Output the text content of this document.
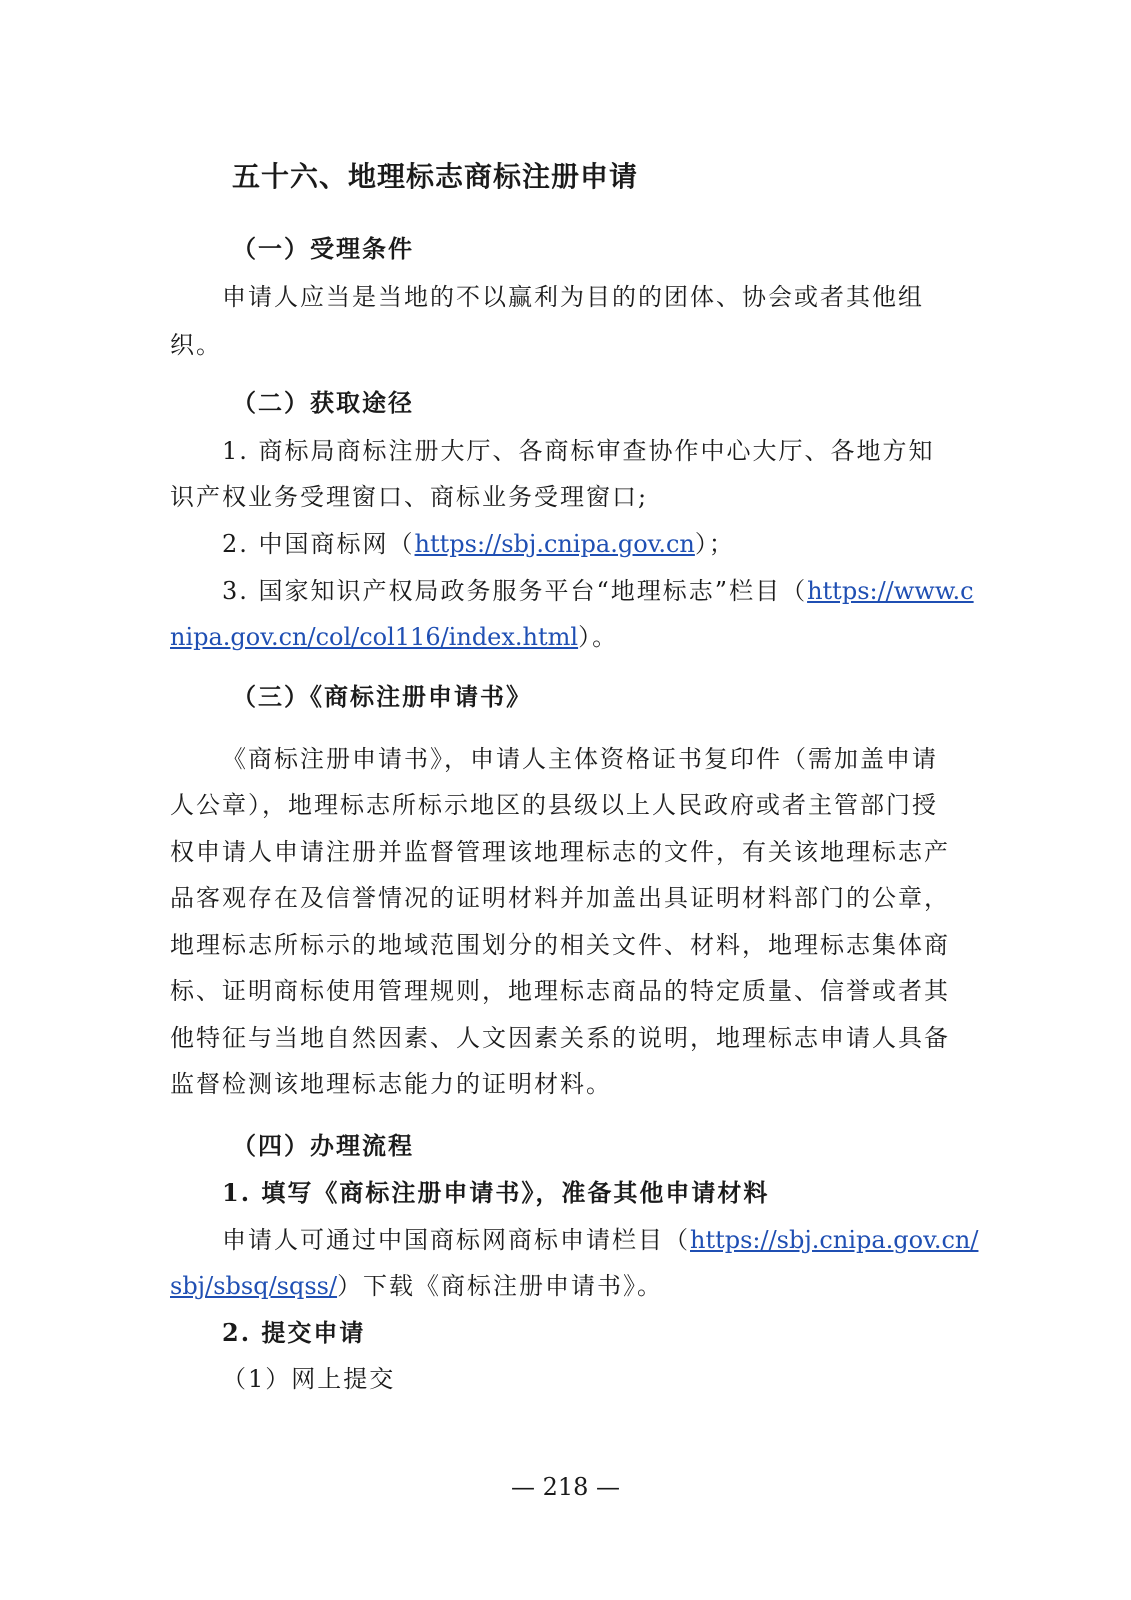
五十六、地理标志商标注册申请
（一）受理条件
申请人应当是当地的不以赢利为目的的团体、协会或者其他组
织。
（二）获取途径
1. 商标局商标注册大厅、各商标审查协作中心大厅、各地方知
识产权业务受理窗口、商标业务受理窗口;
2. 中国商标网（https://sbj.cnipa.gov.cn）；
3. 国家知识产权局政务服务平台“地理标志”栏目（https://www.c
nipa.gov.cn/col/col116/index.html）。
（三）《商标注册申请书》
《商标注册申请书》，申请人主体资格证书复印件（需加盖申请
人公章），地理标志所标示地区的县级以上人民政府或者主管部门授
权申请人申请注册并监督管理该地理标志的文件，有关该地理标志产
品客观存在及信誉情况的证明材料并加盖出具证明材料部门的公章，
地理标志所标示的地域范围划分的相关文件、材料，地理标志集体商
标、证明商标使用管理规则，地理标志商品的特定质量、信誉或者其
他特征与当地自然因素、人文因素关系的说明，地理标志申请人具备
监督检测该地理标志能力的证明材料。
（四）办理流程
1. 填写《商标注册申请书》，准备其他申请材料
申请人可通过中国商标网商标申请栏目（https://sbj.cnipa.gov.cn/
sbj/sbsq/sqss/）下载《商标注册申请书》。
2. 提交申请
（1）网上提交
— 218 —
